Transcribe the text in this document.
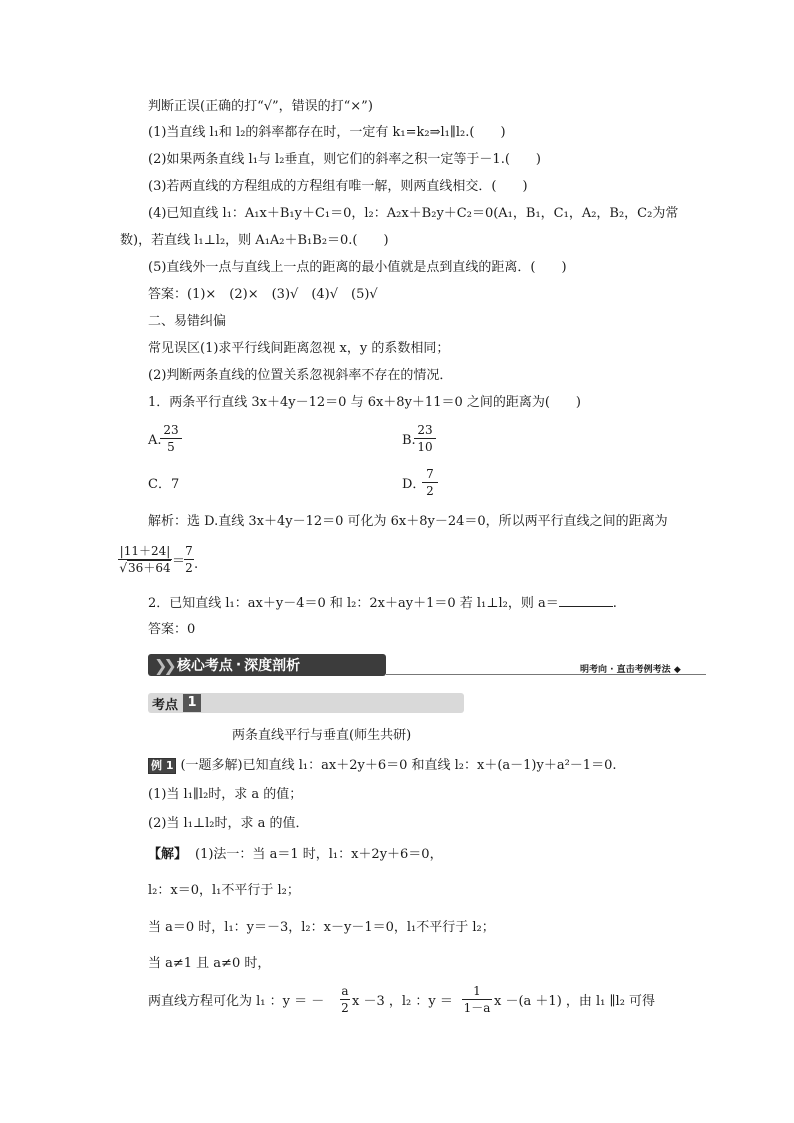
判断正误(正确的打“√”，错误的打“×”)
(1)当直线 l₁和 l₂的斜率都存在时，一定有 k₁=k₂⇒l₁∥l₂.(　　)
(2)如果两条直线 l₁与 l₂垂直，则它们的斜率之积一定等于－1.(　　)
(3)若两直线的方程组成的方程组有唯一解，则两直线相交．(　　)
(4)已知直线 l₁：A₁x＋B₁y＋C₁＝0，l₂：A₂x＋B₂y＋C₂＝0(A₁，B₁，C₁，A₂，B₂，C₂为常
数)，若直线 l₁⊥l₂，则 A₁A₂＋B₁B₂＝0.(　　)
(5)直线外一点与直线上一点的距离的最小值就是点到直线的距离．(　　)
答案：(1)×　(2)×　(3)√　(4)√　(5)√
二、易错纠偏
常见误区(1)求平行线间距离忽视 x，y 的系数相同；
(2)判断两条直线的位置关系忽视斜率不存在的情况．
1．两条平行直线 3x＋4y－12＝0 与 6x＋8y＋11＝0 之间的距离为(　　)
A.
23
5	B.
23
10
C．7	D．
7
2
解析：选 D.直线 3x＋4y－12＝0 可化为 6x＋8y－24＝0，所以两平行直线之间的距离为
|11＋24|
√36＋64 ＝
7
2 .
2．已知直线 l₁：ax＋y－4＝0 和 l₂：2x＋ay＋1＝0 若 l₁⊥l₂，则 a＝	.
答案：0
❯❯ 核 心 考点 · 深 度 剖析	明考向 · 直击考例考法 ◆
考点 1
两条直线平行与垂直(师生共研)
例 1 (一题多解)已知直线 l₁：ax＋2y＋6＝0 和直线 l₂：x＋(a－1)y＋a²－1＝0.
(1)当 l₁∥l₂时，求 a 的值；
(2)当 l₁⊥l₂时，求 a 的值．
【解】 (1)法一：当 a＝1 时，l₁：x＋2y＋6＝0，
l₂：x＝0，l₁不平行于 l₂；
当 a＝0 时，l₁：y＝－3，l₂：x－y－1＝0，l₁不平行于 l₂；
当 a≠1 且 a≠0 时，
两直线方程可化为 l₁ ：y ＝ －
a
2 x －3 ，l₂ ：y ＝
1
1－a x －(a ＋1) ，由 l₁ ∥l₂ 可得
